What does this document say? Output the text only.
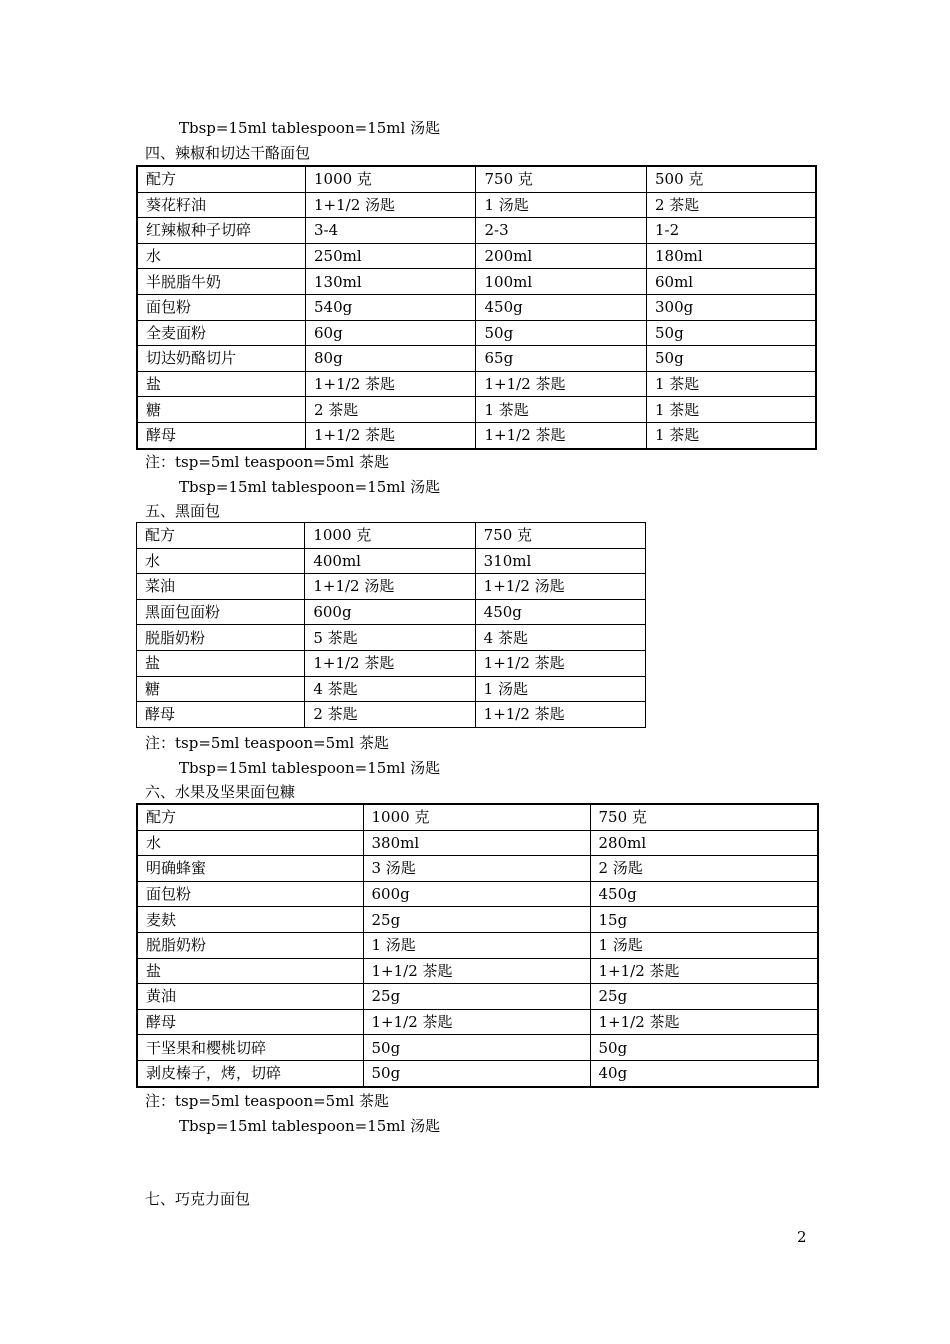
Tbsp=15ml tablespoon=15ml 汤匙
四、辣椒和切达干酪面包
配方	1000 克	750 克	500 克
葵花籽油	1+1/2 汤匙	1 汤匙	2 茶匙
红辣椒种子切碎	3-4	2-3	1-2
水	250ml	200ml	180ml
半脱脂牛奶	130ml	100ml	60ml
面包粉	540g	450g	300g
全麦面粉	60g	50g	50g
切达奶酪切片	80g	65g	50g
盐	1+1/2 茶匙	1+1/2 茶匙	1 茶匙
糖	2 茶匙	1 茶匙	1 茶匙
酵母	1+1/2 茶匙	1+1/2 茶匙	1 茶匙
注：tsp=5ml teaspoon=5ml 茶匙
Tbsp=15ml tablespoon=15ml 汤匙
五、黑面包
配方	1000 克	750 克
水	400ml	310ml
菜油	1+1/2 汤匙	1+1/2 汤匙
黑面包面粉	600g	450g
脱脂奶粉	5 茶匙	4 茶匙
盐	1+1/2 茶匙	1+1/2 茶匙
糖	4 茶匙	1 汤匙
酵母	2 茶匙	1+1/2 茶匙
注：tsp=5ml teaspoon=5ml 茶匙
Tbsp=15ml tablespoon=15ml 汤匙
六、水果及坚果面包糠
配方	1000 克	750 克
水	380ml	280ml
明确蜂蜜	3 汤匙	2 汤匙
面包粉	600g	450g
麦麸	25g	15g
脱脂奶粉	1 汤匙	1 汤匙
盐	1+1/2 茶匙	1+1/2 茶匙
黄油	25g	25g
酵母	1+1/2 茶匙	1+1/2 茶匙
干坚果和樱桃切碎	50g	50g
剥皮榛子，烤，切碎	50g	40g
注：tsp=5ml teaspoon=5ml 茶匙
Tbsp=15ml tablespoon=15ml 汤匙
七、巧克力面包
2
